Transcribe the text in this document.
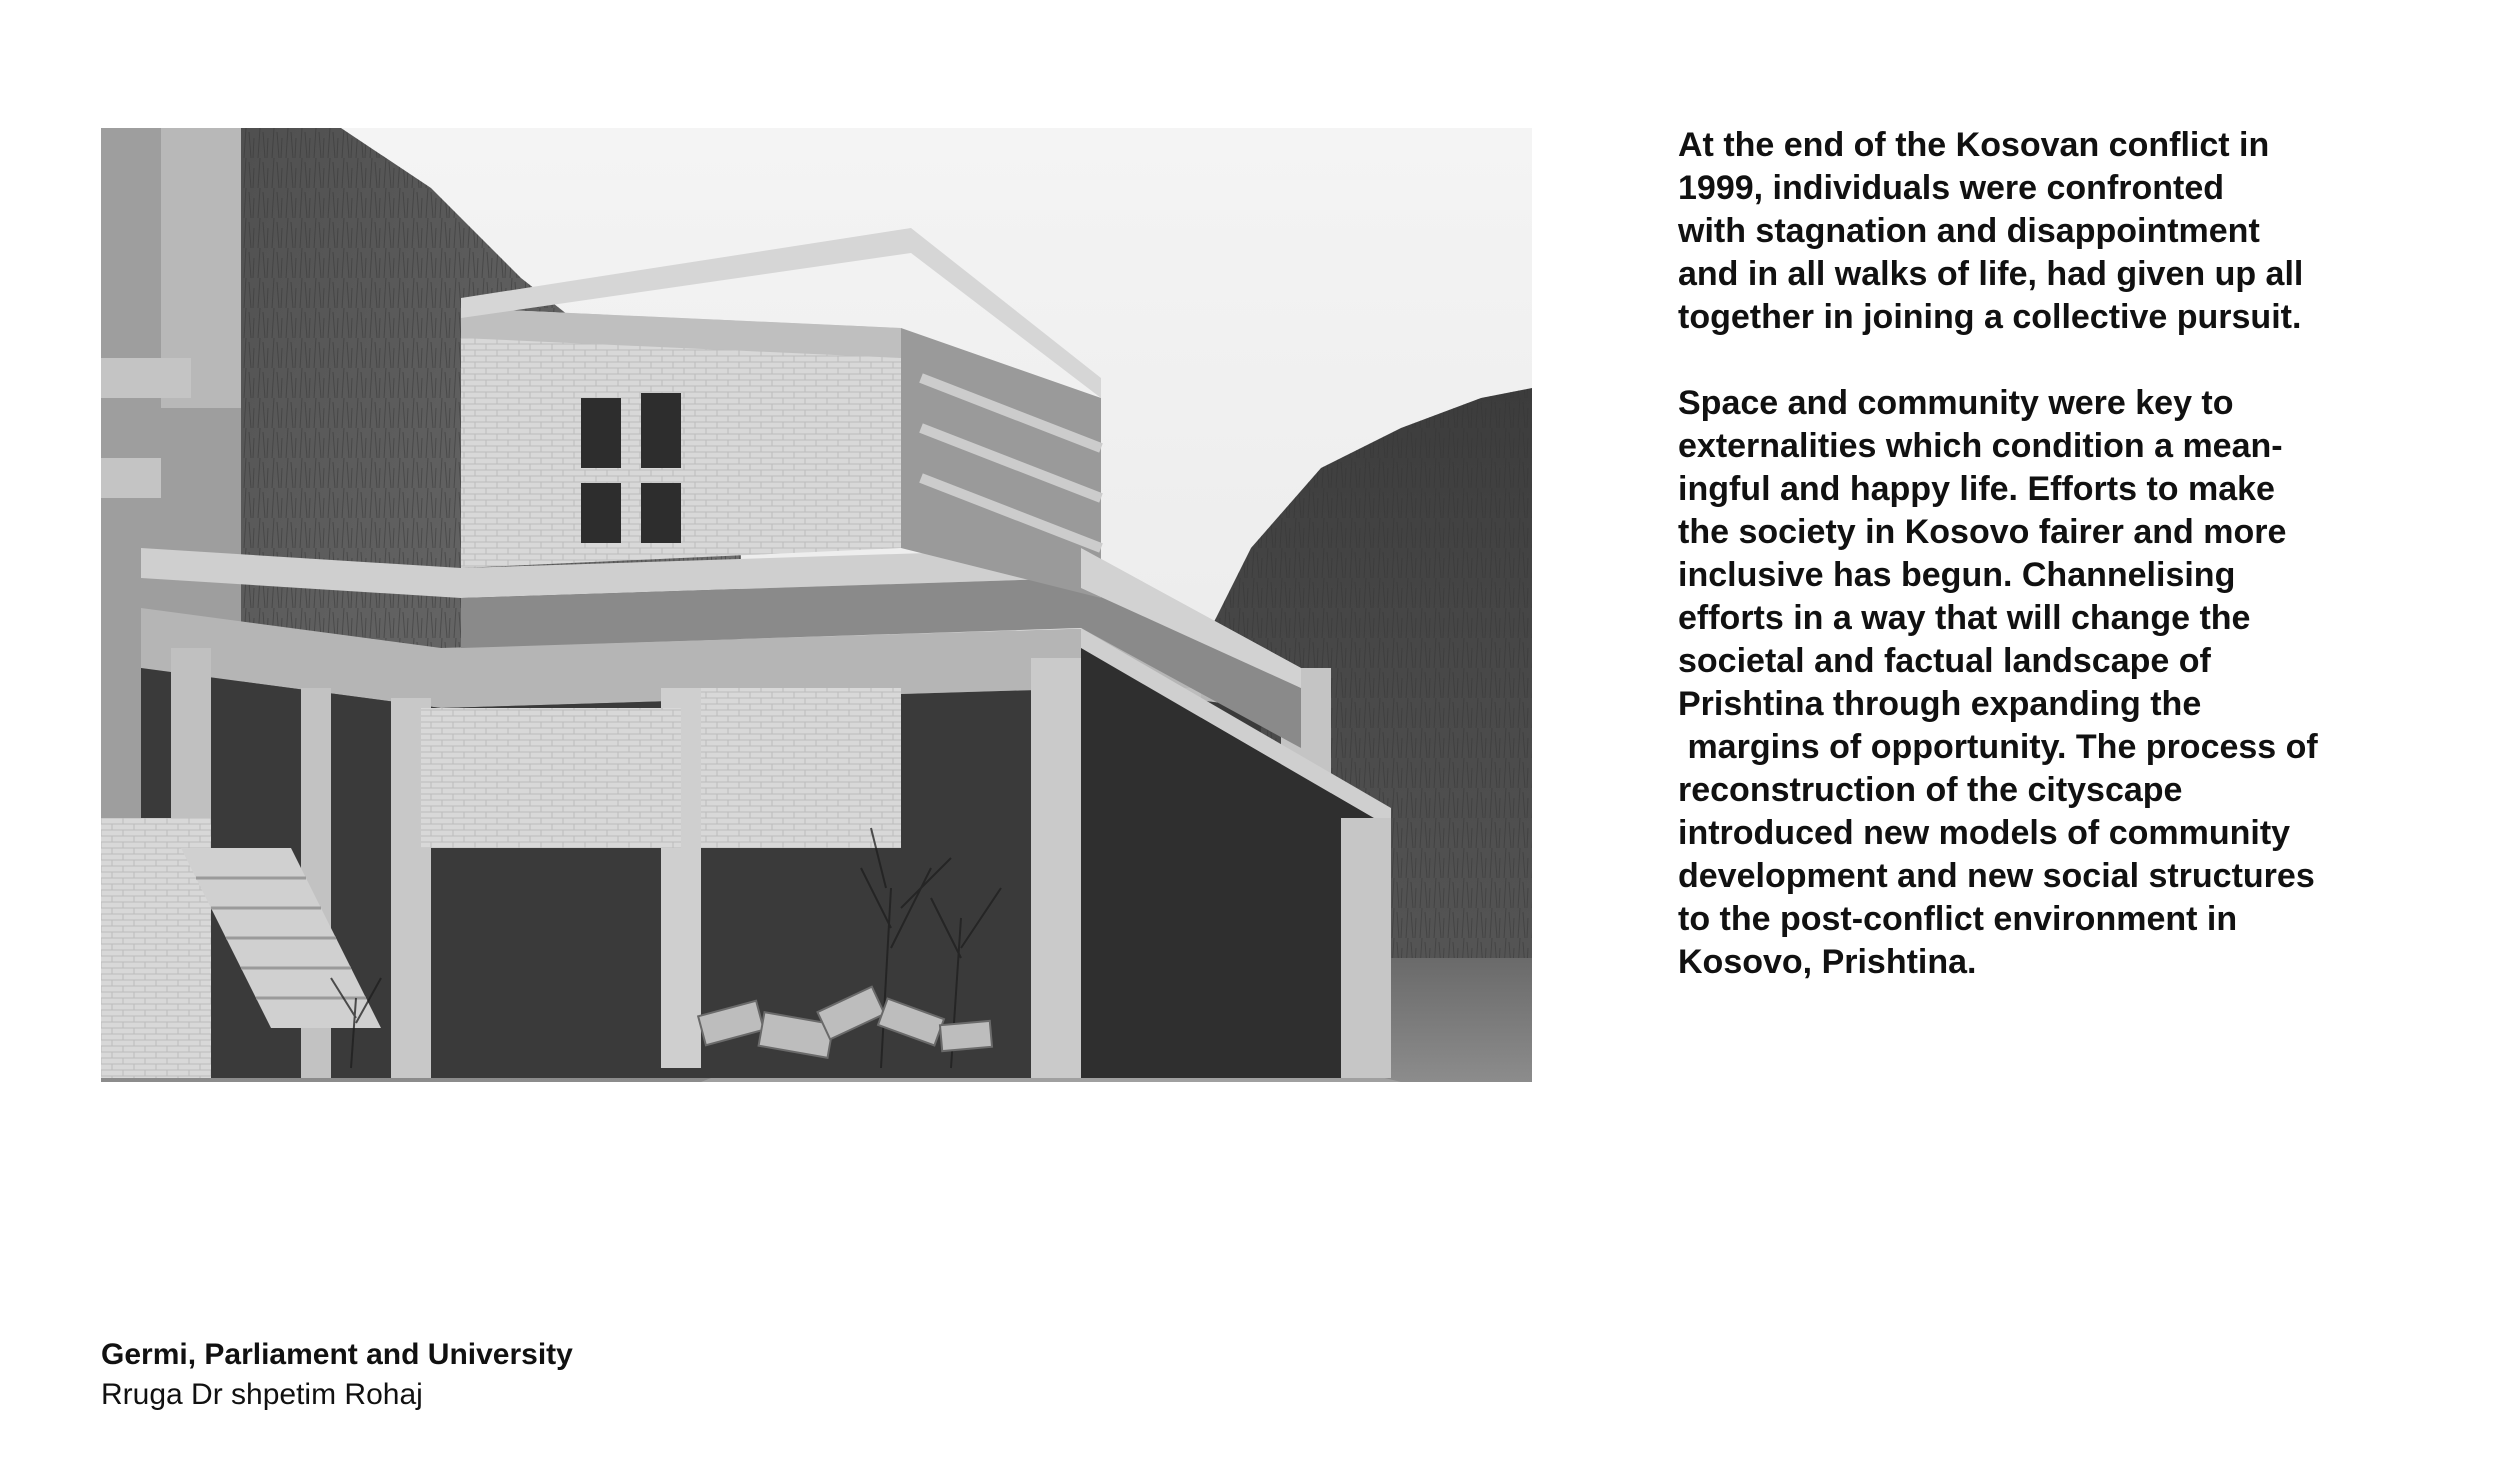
At the end of the Kosovan conflict in
1999, individuals were confronted
with stagnation and disappointment
and in all walks of life, had given up all
together in joining a collective pursuit.

Space and community were key to
externalities which condition a mean-
ingful and happy life. Efforts to make
the society in Kosovo fairer and more
inclusive has begun. Channelising
efforts in a way that will change the
societal and factual landscape of
Prishtina through expanding the
margins of opportunity. The process of
reconstruction of the cityscape
introduced new models of community
development and new social structures
to the post-conflict environment in
Kosovo, Prishtina.

Germi, Parliament and University
Rruga Dr shpetim Rohaj
